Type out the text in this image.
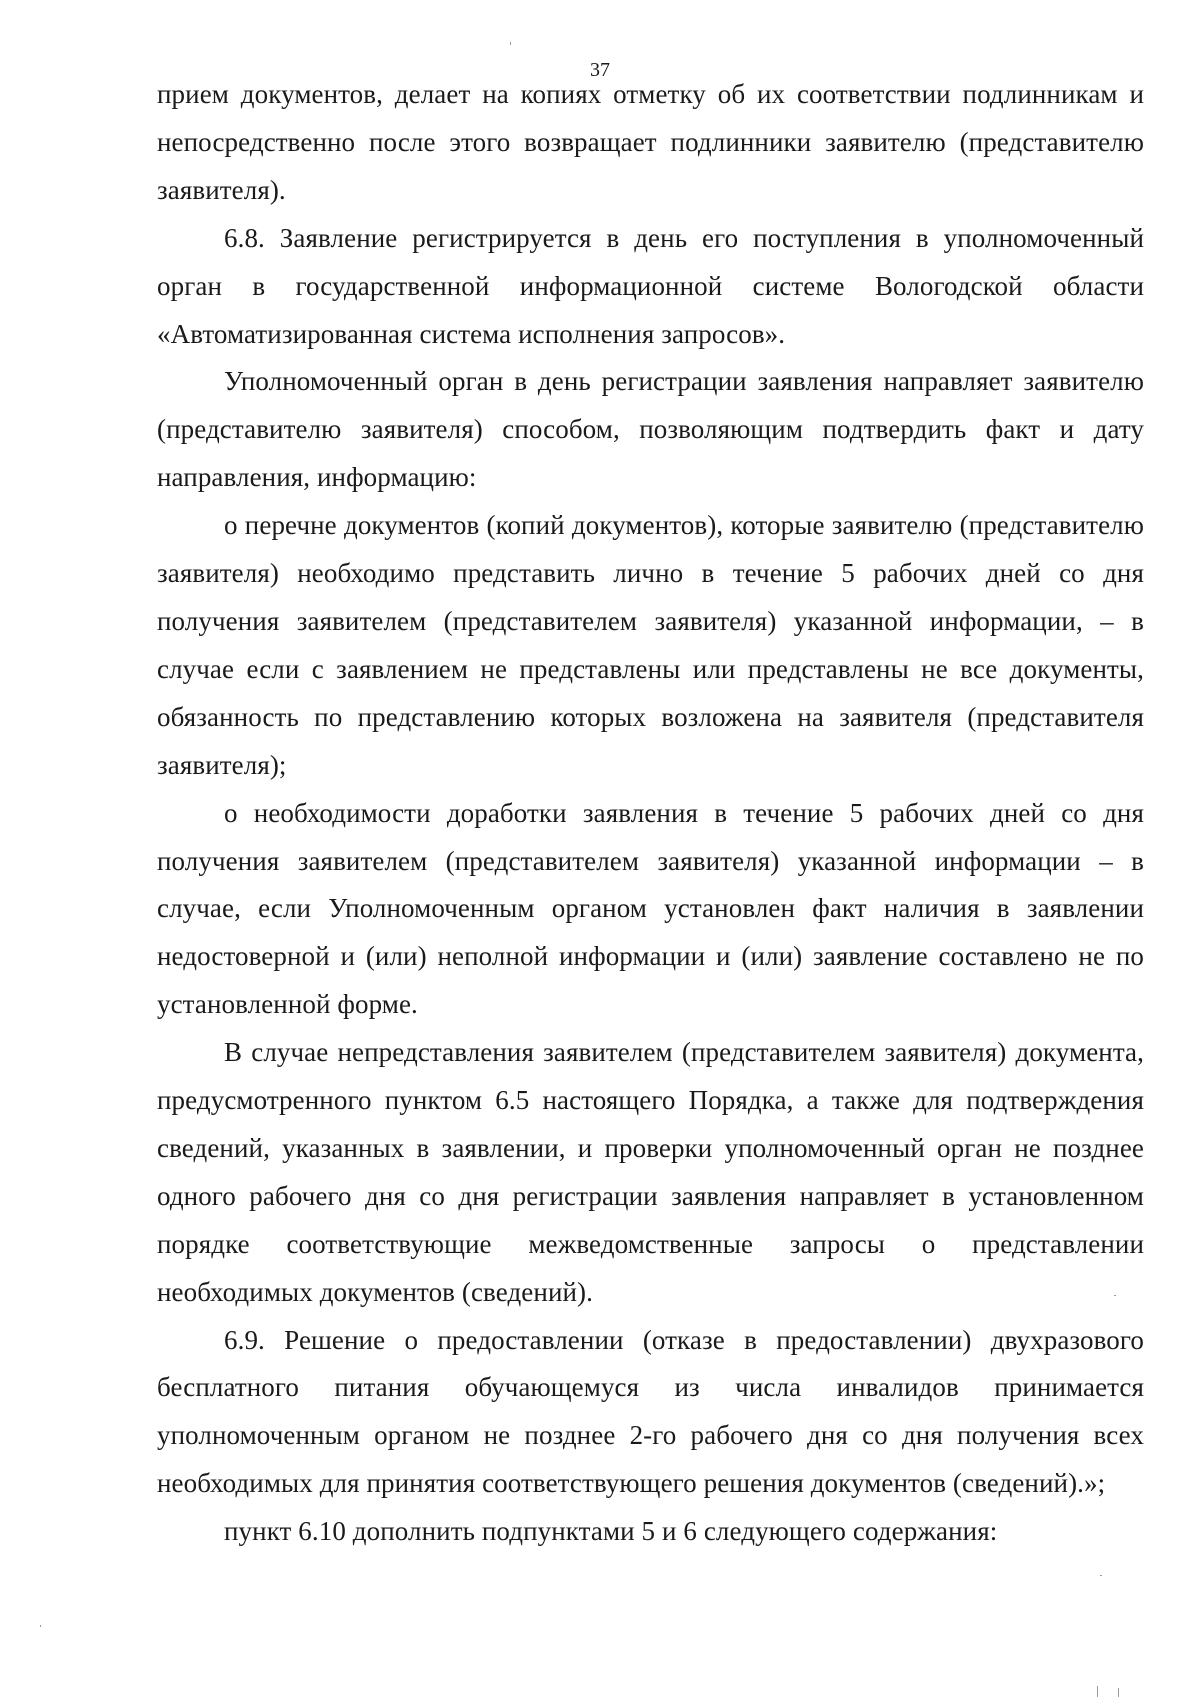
37

прием документов, делает на копиях отметку об их соответствии подлинникам и непосредственно после этого возвращает подлинники заявителю (представителю заявителя).

6.8. Заявление регистрируется в день его поступления в уполномоченный орган в государственной информационной системе Вологодской области «Автоматизированная система исполнения запросов».

Уполномоченный орган в день регистрации заявления направляет заявителю (представителю заявителя) способом, позволяющим подтвердить факт и дату направления, информацию:

о перечне документов (копий документов), которые заявителю (представителю заявителя) необходимо представить лично в течение 5 рабочих дней со дня получения заявителем (представителем заявителя) указанной информации, – в случае если с заявлением не представлены или представлены не все документы, обязанность по представлению которых возложена на заявителя (представителя заявителя);

о необходимости доработки заявления в течение 5 рабочих дней со дня получения заявителем (представителем заявителя) указанной информации – в случае, если Уполномоченным органом установлен факт наличия в заявлении недостоверной и (или) неполной информации и (или) заявление составлено не по установленной форме.

В случае непредставления заявителем (представителем заявителя) документа, предусмотренного пунктом 6.5 настоящего Порядка, а также для подтверждения сведений, указанных в заявлении, и проверки уполномоченный орган не позднее одного рабочего дня со дня регистрации заявления направляет в установленном порядке соответствующие межведомственные запросы о представлении необходимых документов (сведений).

6.9. Решение о предоставлении (отказе в предоставлении) двухразового бесплатного питания обучающемуся из числа инвалидов принимается уполномоченным органом не позднее 2-го рабочего дня со дня получения всех необходимых для принятия соответствующего решения документов (сведений).»;

пункт 6.10 дополнить подпунктами 5 и 6 следующего содержания:
